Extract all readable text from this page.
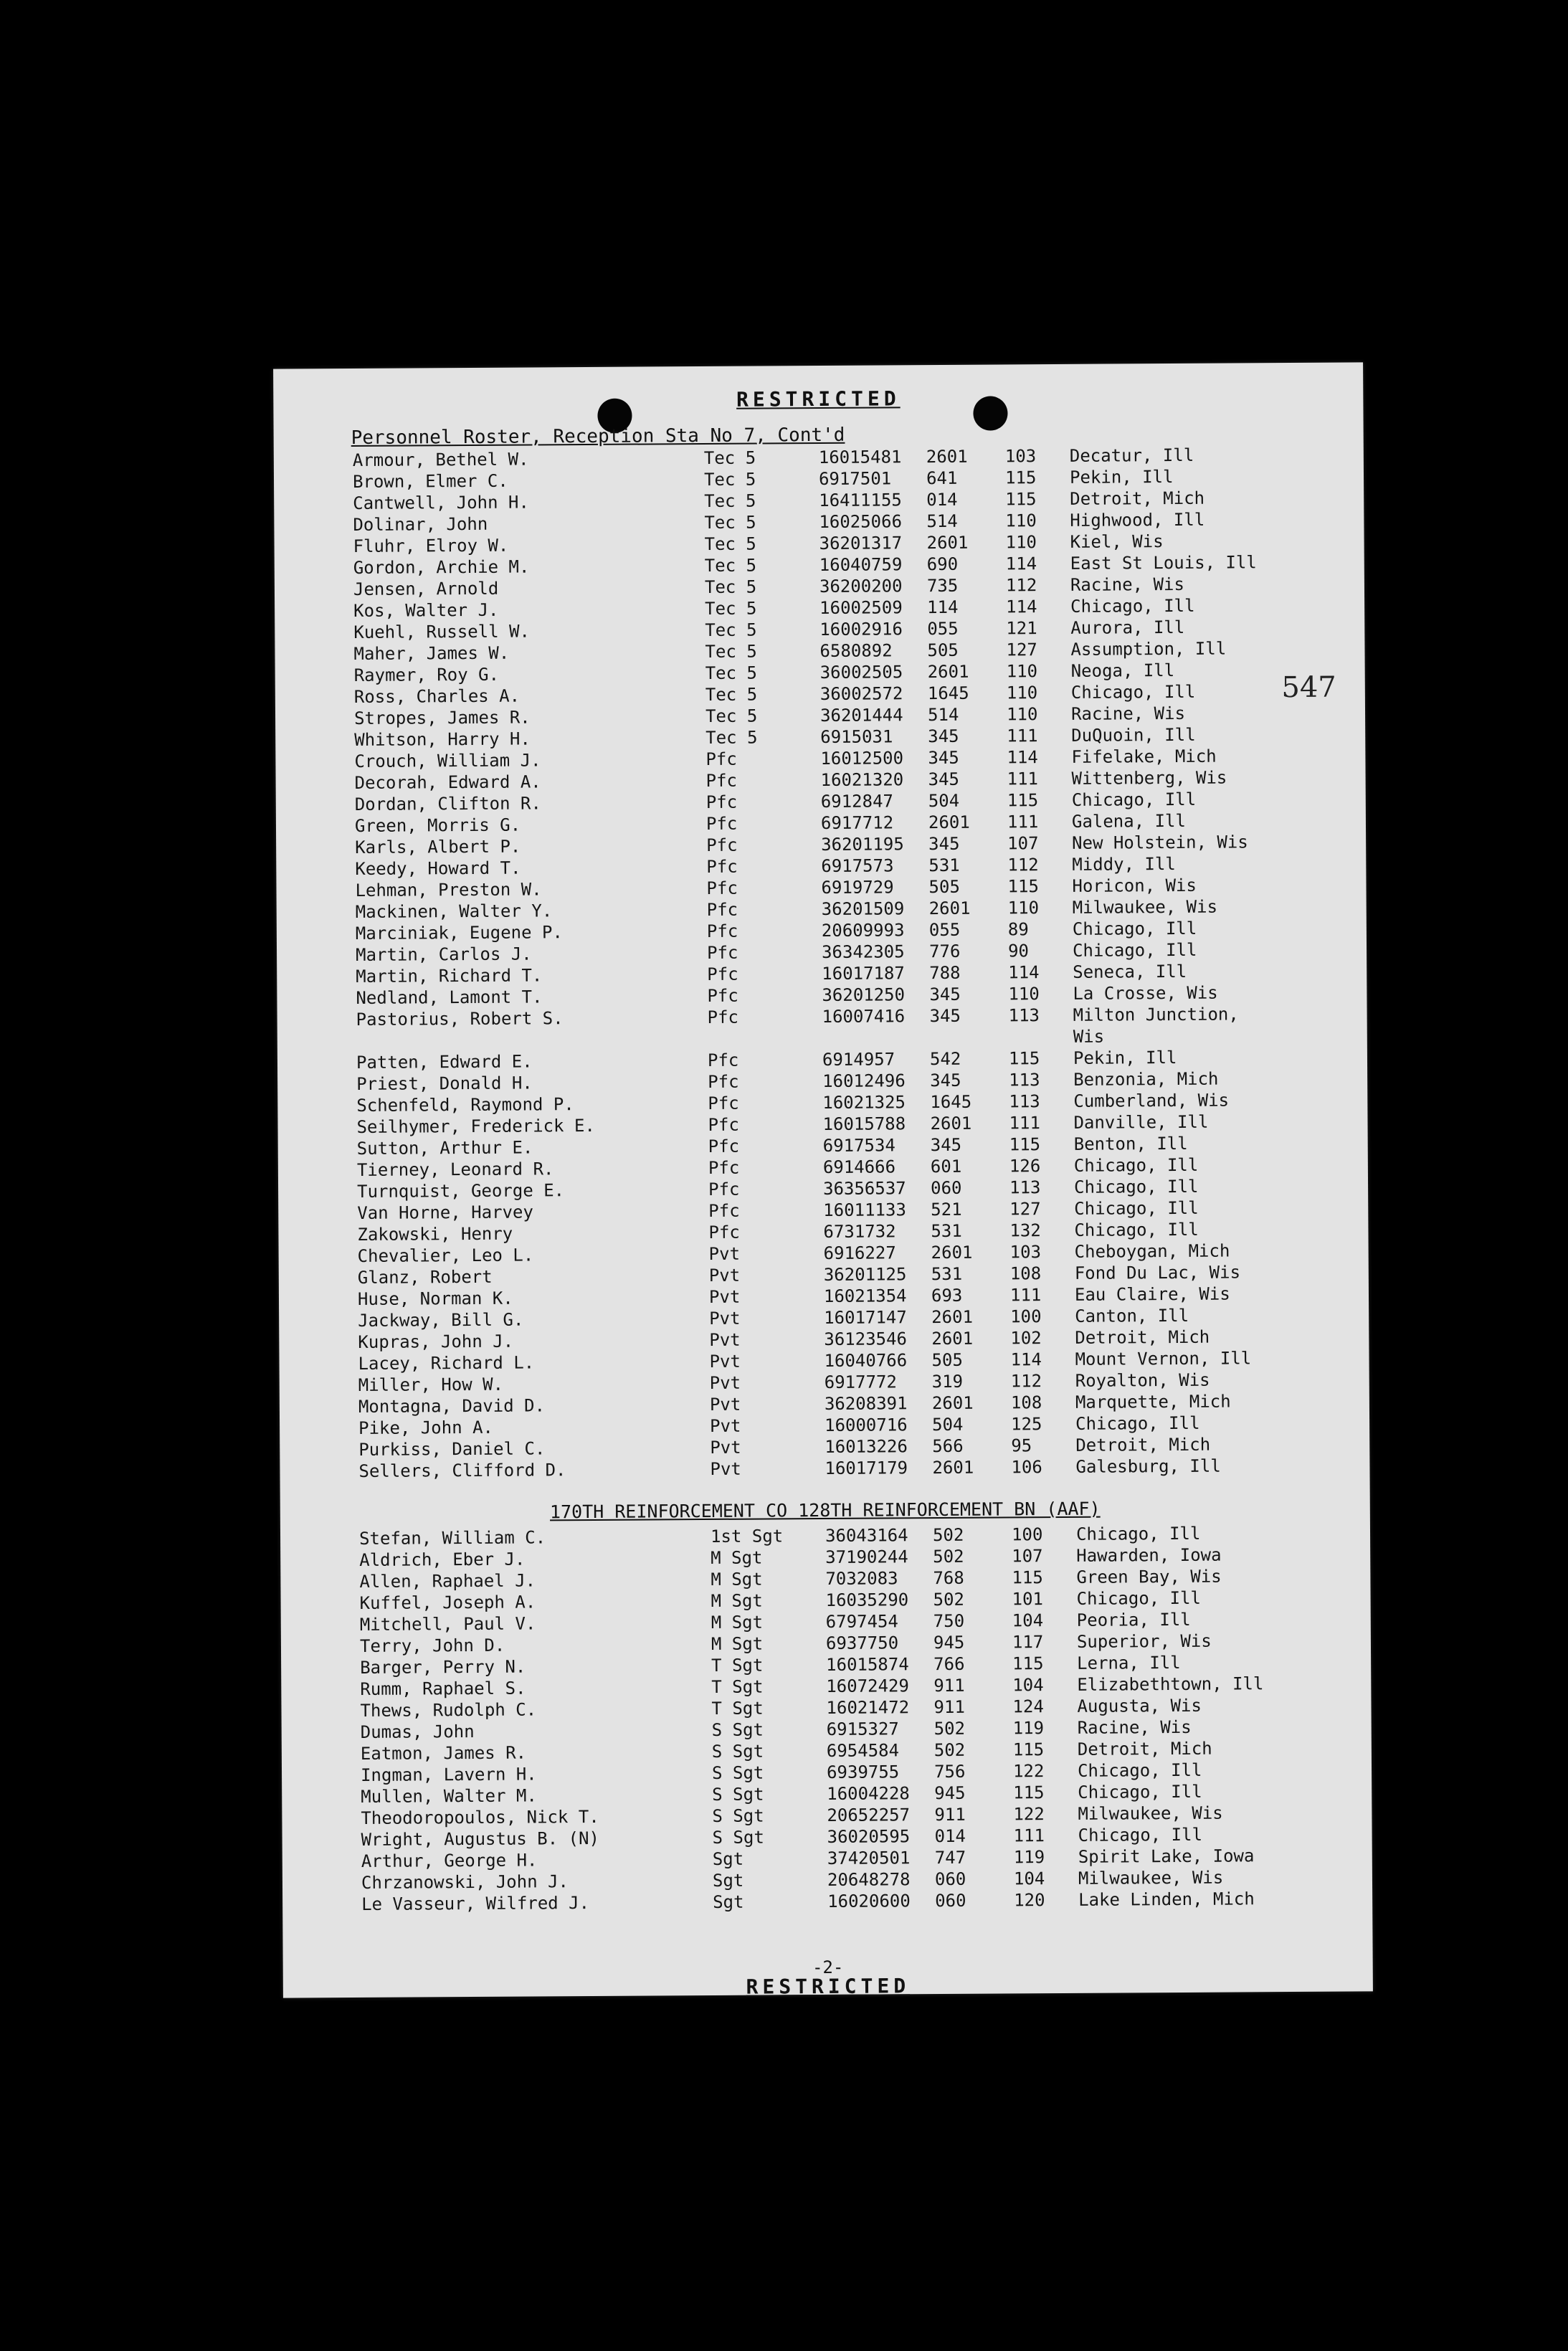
RESTRICTED
Personnel Roster, Reception Sta No 7, Cont'd
547
Armour, Bethel W.	Tec 5	16015481 2601 103 Decatur, Ill
Brown, Elmer C.	Tec 5	6917501 641	115 Pekin, Ill
Cantwell, John H.	Tec 5	16411155 014	115 Detroit, Mich
Dolinar, John	Tec 5	16025066 514	110 Highwood, Ill
Fluhr, Elroy W.	Tec 5	36201317 2601 110 Kiel, Wis
Gordon, Archie M.	Tec 5	16040759 690	114 East St Louis, Ill
Jensen, Arnold	Tec 5	36200200 735	112 Racine, Wis
Kos, Walter J.	Tec 5	16002509 114	114 Chicago, Ill
Kuehl, Russell W.	Tec 5	16002916 055	121 Aurora, Ill
Maher, James W.	Tec 5	6580892 505	127 Assumption, Ill
Raymer, Roy G.	Tec 5	36002505 2601 110 Neoga, Ill
Ross, Charles A.	Tec 5	36002572 1645 110 Chicago, Ill
Stropes, James R.	Tec 5	36201444 514	110 Racine, Wis
Whitson, Harry H.	Tec 5	6915031 345	111 DuQuoin, Ill
Crouch, William J.	Pfc	16012500 345	114 Fifelake, Mich
Decorah, Edward A.	Pfc	16021320 345	111 Wittenberg, Wis
Dordan, Clifton R.	Pfc	6912847 504	115 Chicago, Ill
Green, Morris G.	Pfc	6917712 2601 111 Galena, Ill
Karls, Albert P.	Pfc	36201195 345	107 New Holstein, Wis
Keedy, Howard T.	Pfc	6917573 531	112 Middy, Ill
Lehman, Preston W.	Pfc	6919729 505	115 Horicon, Wis
Mackinen, Walter Y.	Pfc	36201509 2601 110 Milwaukee, Wis
Marciniak, Eugene P.	Pfc	20609993 055	89	Chicago, Ill
Martin, Carlos J.	Pfc	36342305 776	90	Chicago, Ill
Martin, Richard T.	Pfc	16017187 788	114 Seneca, Ill
Nedland, Lamont T.	Pfc	36201250 345	110 La Crosse, Wis
Pastorius, Robert S.	Pfc	16007416 345	113 Milton Junction,
Wis
Patten, Edward E.	Pfc	6914957 542	115 Pekin, Ill
Priest, Donald H.	Pfc	16012496 345	113 Benzonia, Mich
Schenfeld, Raymond P.	Pfc	16021325 1645 113 Cumberland, Wis
Seilhymer, Frederick E.	Pfc	16015788 2601 111 Danville, Ill
Sutton, Arthur E.	Pfc	6917534 345	115 Benton, Ill
Tierney, Leonard R.	Pfc	6914666 601	126 Chicago, Ill
Turnquist, George E.	Pfc	36356537 060	113 Chicago, Ill
Van Horne, Harvey	Pfc	16011133 521	127 Chicago, Ill
Zakowski, Henry	Pfc	6731732 531	132 Chicago, Ill
Chevalier, Leo L.	Pvt	6916227 2601 103 Cheboygan, Mich
Glanz, Robert	Pvt	36201125 531	108 Fond Du Lac, Wis
Huse, Norman K.	Pvt	16021354 693	111 Eau Claire, Wis
Jackway, Bill G.	Pvt	16017147 2601 100 Canton, Ill
Kupras, John J.	Pvt	36123546 2601 102 Detroit, Mich
Lacey, Richard L.	Pvt	16040766 505	114 Mount Vernon, Ill
Miller, How W.	Pvt	6917772 319	112 Royalton, Wis
Montagna, David D.	Pvt	36208391 2601 108 Marquette, Mich
Pike, John A.	Pvt	16000716 504	125 Chicago, Ill
Purkiss, Daniel C.	Pvt	16013226 566	95	Detroit, Mich
Sellers, Clifford D.	Pvt	16017179 2601 106 Galesburg, Ill
170TH REINFORCEMENT CO 128TH REINFORCEMENT BN (AAF)
Stefan, William C.	1st Sgt 36043164 502	100 Chicago, Ill
Aldrich, Eber J.	M Sgt	37190244 502	107 Hawarden, Iowa
Allen, Raphael J.	M Sgt	7032083 768	115 Green Bay, Wis
Kuffel, Joseph A.	M Sgt	16035290 502	101 Chicago, Ill
Mitchell, Paul V.	M Sgt	6797454 750	104 Peoria, Ill
Terry, John D.	M Sgt	6937750 945	117 Superior, Wis
Barger, Perry N.	T Sgt	16015874 766	115 Lerna, Ill
Rumm, Raphael S.	T Sgt	16072429 911	104 Elizabethtown, Ill
Thews, Rudolph C.	T Sgt	16021472 911	124 Augusta, Wis
Dumas, John	S Sgt	6915327 502	119 Racine, Wis
Eatmon, James R.	S Sgt	6954584 502	115 Detroit, Mich
Ingman, Lavern H.	S Sgt	6939755 756	122 Chicago, Ill
Mullen, Walter M.	S Sgt	16004228 945	115 Chicago, Ill
Theodoropoulos, Nick T.	S Sgt	20652257 911	122 Milwaukee, Wis
Wright, Augustus B. (N)	S Sgt	36020595 014	111 Chicago, Ill
Arthur, George H.	Sgt	37420501 747	119 Spirit Lake, Iowa
Chrzanowski, John J.	Sgt	20648278 060	104 Milwaukee, Wis
Le Vasseur, Wilfred J.	Sgt	16020600 060	120 Lake Linden, Mich
-2-
RESTRICTED
